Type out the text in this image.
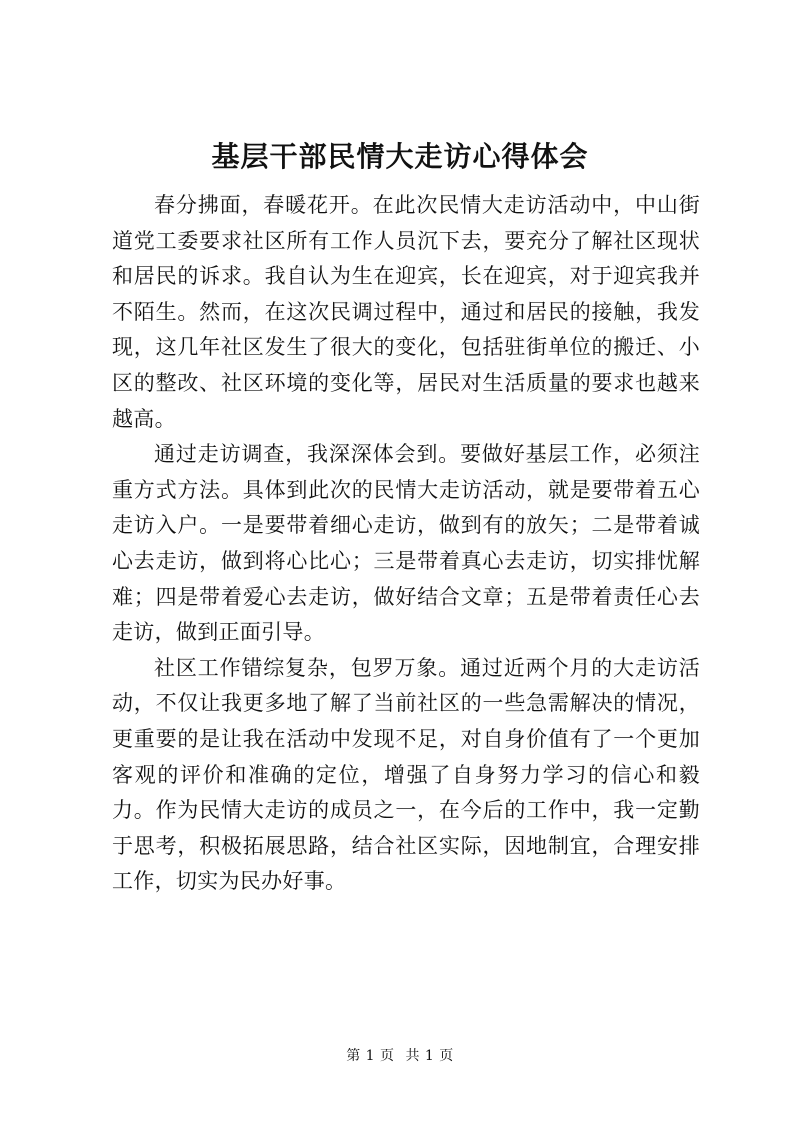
基层干部民情大走访心得体会

春分拂面，春暖花开。在此次民情大走访活动中，中山街道党工委要求社区所有工作人员沉下去，要充分了解社区现状和居民的诉求。我自认为生在迎宾，长在迎宾，对于迎宾我并不陌生。然而，在这次民调过程中，通过和居民的接触，我发现，这几年社区发生了很大的变化，包括驻街单位的搬迁、小区的整改、社区环境的变化等，居民对生活质量的要求也越来越高。

通过走访调查，我深深体会到。要做好基层工作，必须注重方式方法。具体到此次的民情大走访活动，就是要带着五心走访入户。一是要带着细心走访，做到有的放矢；二是带着诚心去走访，做到将心比心；三是带着真心去走访，切实排忧解难；四是带着爱心去走访，做好结合文章；五是带着责任心去走访，做到正面引导。

社区工作错综复杂，包罗万象。通过近两个月的大走访活动，不仅让我更多地了解了当前社区的一些急需解决的情况，更重要的是让我在活动中发现不足，对自身价值有了一个更加客观的评价和准确的定位，增强了自身努力学习的信心和毅力。作为民情大走访的成员之一，在今后的工作中，我一定勤于思考，积极拓展思路，结合社区实际，因地制宜，合理安排工作，切实为民办好事。

第 1 页 共 1 页
